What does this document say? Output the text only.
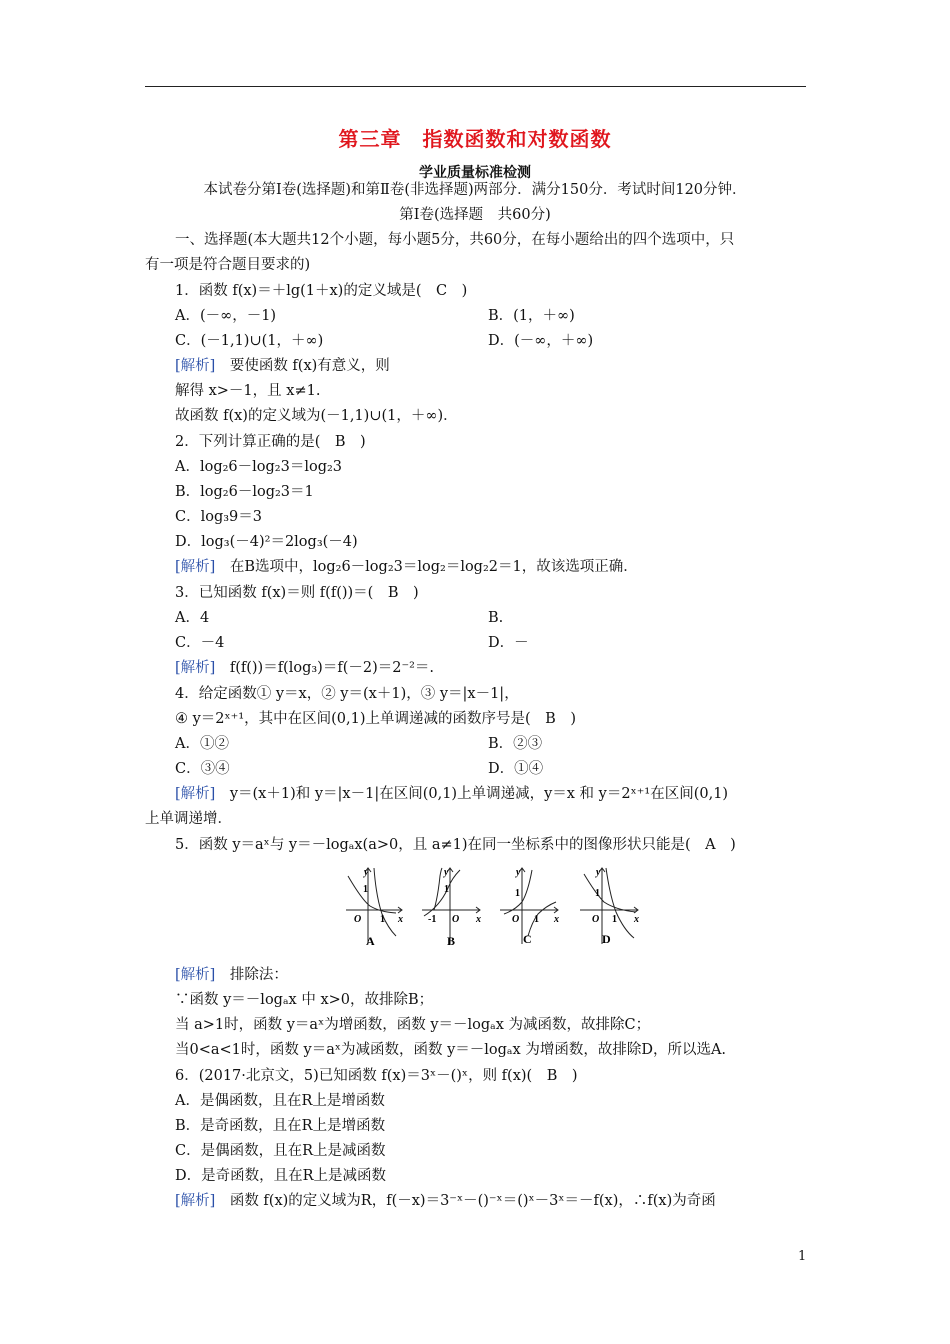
第三章　指数函数和对数函数
学业质量标准检测
本试卷分第Ⅰ卷(选择题)和第Ⅱ卷(非选择题)两部分．满分150分．考试时间120分钟．
第Ⅰ卷(选择题　共60分)
一、选择题(本大题共12个小题，每小题5分，共60分，在每小题给出的四个选项中，只
有一项是符合题目要求的)
1．函数 f(x)＝＋lg(1＋x)的定义域是(　C　)
A．(－∞，－1)	B．(1，＋∞)
C．(－1,1)∪(1，＋∞)	D．(－∞，＋∞)
[解析]　 要使函数 f(x)有意义，则
解得 x>－1，且 x≠1.
故函数 f(x)的定义域为(－1,1)∪(1，＋∞)．
2．下列计算正确的是(　B　)
A．log₂6－log₂3＝log₂3
B．log₂6－log₂3＝1
C．log₃9＝3
D．log₃(－4)²＝2log₃(－4)
[解析]　 在B选项中，log₂6－log₂3＝log₂＝log₂2＝1，故该选项正确．
3．已知函数 f(x)＝则 f(f())＝(　B　)
A．4	B.
C．－4	D．－
[解析]　 f(f())＝f(log₃)＝f(－2)＝2⁻²＝.
4．给定函数① y＝x，② y＝(x＋1)，③ y＝|x－1|，
④ y＝2ˣ⁺¹，其中在区间(0,1)上单调递减的函数序号是(　B　)
A．①②	B．②③
C．③④	D．①④
[解析]　 y＝(x＋1)和 y＝|x－1|在区间(0,1)上单调递减，y＝x 和 y＝2ˣ⁺¹在区间(0,1)
上单调递增．
5．函数 y＝aˣ与 y＝－logₐx(a>0，且 a≠1)在同一坐标系中的图像形状只能是(　A　)
y
1
O 1 x
y
1
-1 O x
y
1
O 1 x
y
1
O 1 x
A	B	C	D
[解析]　 排除法：
∵函数 y＝－logₐx 中 x>0，故排除B；
当 a>1时，函数 y＝aˣ为增函数，函数 y＝－logₐx 为减函数，故排除C；
当0<a<1时，函数 y＝aˣ为减函数，函数 y＝－logₐx 为增函数，故排除D，所以选A.
6．(2017·北京文，5)已知函数 f(x)＝3ˣ－()ˣ，则 f(x)(　B　)
A．是偶函数，且在R上是增函数
B．是奇函数，且在R上是增函数
C．是偶函数，且在R上是减函数
D．是奇函数，且在R上是减函数
[解析]　 函数 f(x)的定义域为R，f(－x)＝3⁻ˣ－()⁻ˣ＝()ˣ－3ˣ＝－f(x)，∴f(x)为奇函
1
